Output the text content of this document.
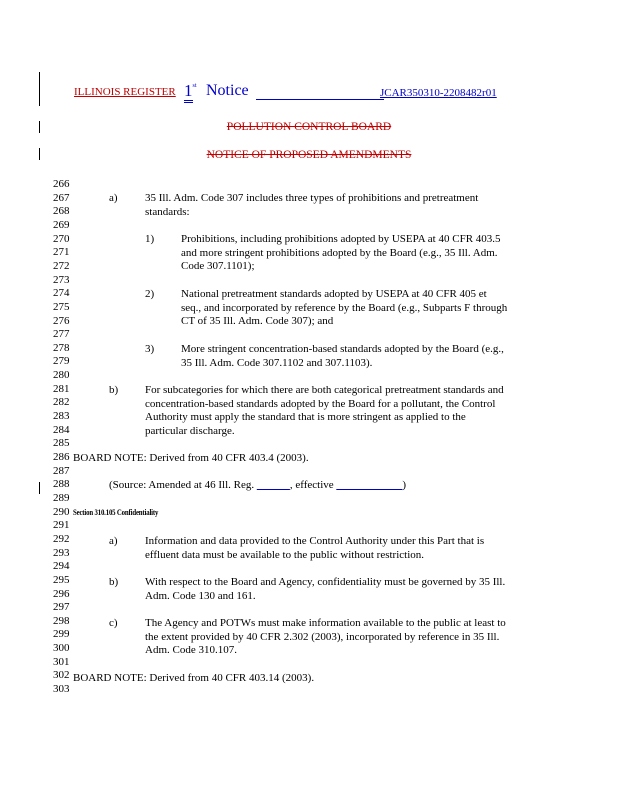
ILLINOIS REGISTER 1st Notice	JCAR350310-2208482r01
POLLUTION CONTROL BOARD
NOTICE OF PROPOSED AMENDMENTS
266
267
268
269
270
271
272
273
274
275
276
277
278
279
280
281
282
283
284
285
286
287
288
289
290
291
292
293
294
295
296
297
298
299
300
301
302
303
a) 35 Ill. Adm. Code 307 includes three types of prohibitions and pretreatment
standards:
1) Prohibitions, including prohibitions adopted by USEPA at 40 CFR 403.5
and more stringent prohibitions adopted by the Board (e.g., 35 Ill. Adm.
Code 307.1101);
2) National pretreatment standards adopted by USEPA at 40 CFR 405 et
seq., and incorporated by reference by the Board (e.g., Subparts F through
CT of 35 Ill. Adm. Code 307); and
3) More stringent concentration-based standards adopted by the Board (e.g.,
35 Ill. Adm. Code 307.1102 and 307.1103).
b) For subcategories for which there are both categorical pretreatment standards and
concentration-based standards adopted by the Board for a pollutant, the Control
Authority must apply the standard that is more stringent as applied to the
particular discharge.
BOARD NOTE: Derived from 40 CFR 403.4 (2003).
(Source: Amended at 46 Ill. Reg. ______, effective ____________)
Section 310.105 Confidentiality
a) Information and data provided to the Control Authority under this Part that is
effluent data must be available to the public without restriction.
b) With respect to the Board and Agency, confidentiality must be governed by 35 Ill.
Adm. Code 130 and 161.
c) The Agency and POTWs must make information available to the public at least to
the extent provided by 40 CFR 2.302 (2003), incorporated by reference in 35 Ill.
Adm. Code 310.107.
BOARD NOTE: Derived from 40 CFR 403.14 (2003).
